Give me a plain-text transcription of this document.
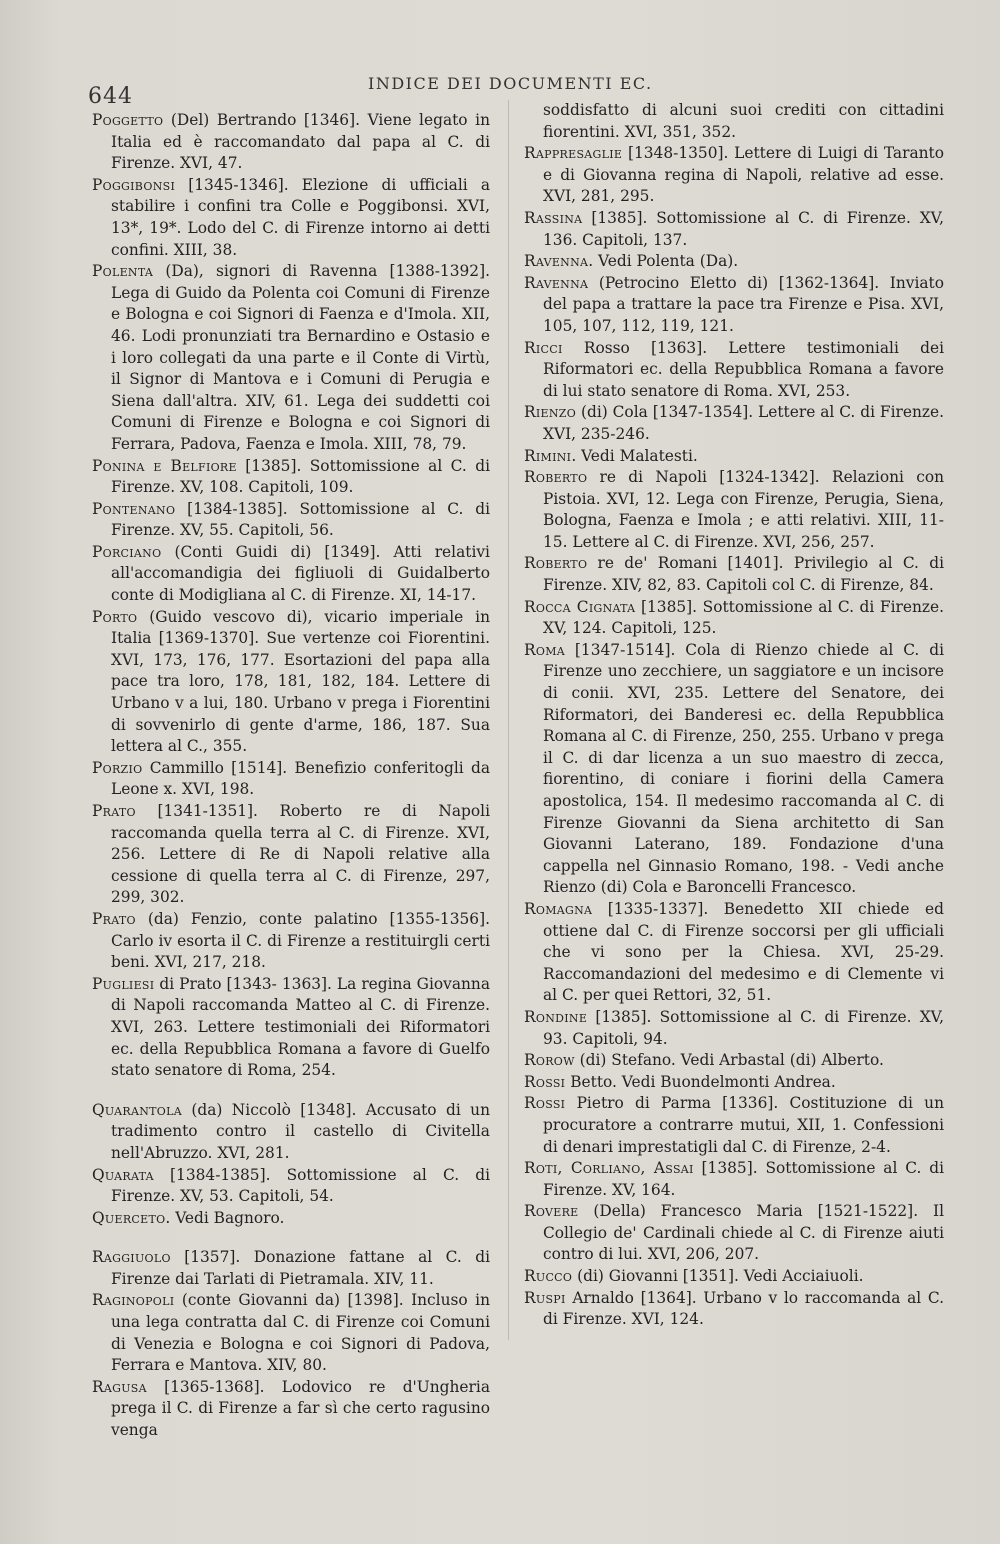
644
INDICE DEI DOCUMENTI EC.

Poggetto (Del) Bertrando [1346]. Viene legato in Italia ed è raccomandato dal papa al C. di Firenze. XVI, 47.

Poggibonsi [1345-1346]. Elezione di ufficiali a stabilire i confini tra Colle e Poggibonsi. XVI, 13*, 19*. Lodo del C. di Firenze intorno ai detti confini. XIII, 38.

Polenta (Da), signori di Ravenna [1388-1392]. Lega di Guido da Polenta coi Comuni di Firenze e Bologna e coi Signori di Faenza e d'Imola. XII, 46. Lodi pronunziati tra Bernardino e Ostasio e i loro collegati da una parte e il Conte di Virtù, il Signor di Mantova e i Comuni di Perugia e Siena dall'altra. XIV, 61. Lega dei suddetti coi Comuni di Firenze e Bologna e coi Signori di Ferrara, Padova, Faenza e Imola. XIII, 78, 79.

Ponina e Belfiore [1385]. Sottomissione al C. di Firenze. XV, 108. Capitoli, 109.

Pontenano [1384-1385]. Sottomissione al C. di Firenze. XV, 55. Capitoli, 56.

Porciano (Conti Guidi di) [1349]. Atti relativi all'accomandigia dei figliuoli di Guidalberto conte di Modigliana al C. di Firenze. XI, 14-17.

Porto (Guido vescovo di), vicario imperiale in Italia [1369-1370]. Sue vertenze coi Fiorentini. XVI, 173, 176, 177. Esortazioni del papa alla pace tra loro, 178, 181, 182, 184. Lettere di Urbano v a lui, 180. Urbano v prega i Fiorentini di sovvenirlo di gente d'arme, 186, 187. Sua lettera al C., 355.

Porzio Cammillo [1514]. Benefizio conferitogli da Leone x. XVI, 198.

Prato [1341-1351]. Roberto re di Napoli raccomanda quella terra al C. di Firenze. XVI, 256. Lettere di Re di Napoli relative alla cessione di quella terra al C. di Firenze, 297, 299, 302.

Prato (da) Fenzio, conte palatino [1355-1356]. Carlo iv esorta il C. di Firenze a restituirgli certi beni. XVI, 217, 218.

Pugliesi di Prato [1343- 1363]. La regina Giovanna di Napoli raccomanda Matteo al C. di Firenze. XVI, 263. Lettere testimoniali dei Riformatori ec. della Repubblica Romana a favore di Guelfo stato senatore di Roma, 254.

Quarantola (da) Niccolò [1348]. Accusato di un tradimento contro il castello di Civitella nell'Abruzzo. XVI, 281.

Quarata [1384-1385]. Sottomissione al C. di Firenze. XV, 53. Capitoli, 54.

Querceto. Vedi Bagnoro.

Raggiuolo [1357]. Donazione fattane al C. di Firenze dai Tarlati di Pietramala. XIV, 11.

Raginopoli (conte Giovanni da) [1398]. Incluso in una lega contratta dal C. di Firenze coi Comuni di Venezia e Bologna e coi Signori di Padova, Ferrara e Mantova. XIV, 80.

Ragusa [1365-1368]. Lodovico re d'Ungheria prega il C. di Firenze a far sì che certo ragusino venga

soddisfatto di alcuni suoi crediti con cittadini fiorentini. XVI, 351, 352.

Rappresaglie [1348-1350]. Lettere di Luigi di Taranto e di Giovanna regina di Napoli, relative ad esse. XVI, 281, 295.

Rassina [1385]. Sottomissione al C. di Firenze. XV, 136. Capitoli, 137.

Ravenna. Vedi Polenta (Da).

Ravenna (Petrocino Eletto di) [1362-1364]. Inviato del papa a trattare la pace tra Firenze e Pisa. XVI, 105, 107, 112, 119, 121.

Ricci Rosso [1363]. Lettere testimoniali dei Riformatori ec. della Repubblica Romana a favore di lui stato senatore di Roma. XVI, 253.

Rienzo (di) Cola [1347-1354]. Lettere al C. di Firenze. XVI, 235-246.

Rimini. Vedi Malatesti.

Roberto re di Napoli [1324-1342]. Relazioni con Pistoia. XVI, 12. Lega con Firenze, Perugia, Siena, Bologna, Faenza e Imola ; e atti relativi. XIII, 11-15. Lettere al C. di Firenze. XVI, 256, 257.

Roberto re de' Romani [1401]. Privilegio al C. di Firenze. XIV, 82, 83. Capitoli col C. di Firenze, 84.

Rocca Cignata [1385]. Sottomissione al C. di Firenze. XV, 124. Capitoli, 125.

Roma [1347-1514]. Cola di Rienzo chiede al C. di Firenze uno zecchiere, un saggiatore e un incisore di conii. XVI, 235. Lettere del Senatore, dei Riformatori, dei Banderesi ec. della Repubblica Romana al C. di Firenze, 250, 255. Urbano v prega il C. di dar licenza a un suo maestro di zecca, fiorentino, di coniare i fiorini della Camera apostolica, 154. Il medesimo raccomanda al C. di Firenze Giovanni da Siena architetto di San Giovanni Laterano, 189. Fondazione d'una cappella nel Ginnasio Romano, 198. - Vedi anche Rienzo (di) Cola e Baroncelli Francesco.

Romagna [1335-1337]. Benedetto XII chiede ed ottiene dal C. di Firenze soccorsi per gli ufficiali che vi sono per la Chiesa. XVI, 25-29. Raccomandazioni del medesimo e di Clemente vi al C. per quei Rettori, 32, 51.

Rondine [1385]. Sottomissione al C. di Firenze. XV, 93. Capitoli, 94.

Rorow (di) Stefano. Vedi Arbastal (di) Alberto.

Rossi Betto. Vedi Buondelmonti Andrea.

Rossi Pietro di Parma [1336]. Costituzione di un procuratore a contrarre mutui, XII, 1. Confessioni di denari imprestatigli dal C. di Firenze, 2-4.

Roti, Corliano, Assai [1385]. Sottomissione al C. di Firenze. XV, 164.

Rovere (Della) Francesco Maria [1521-1522]. Il Collegio de' Cardinali chiede al C. di Firenze aiuti contro di lui. XVI, 206, 207.

Rucco (di) Giovanni [1351]. Vedi Acciaiuoli.

Ruspi Arnaldo [1364]. Urbano v lo raccomanda al C. di Firenze. XVI, 124.
